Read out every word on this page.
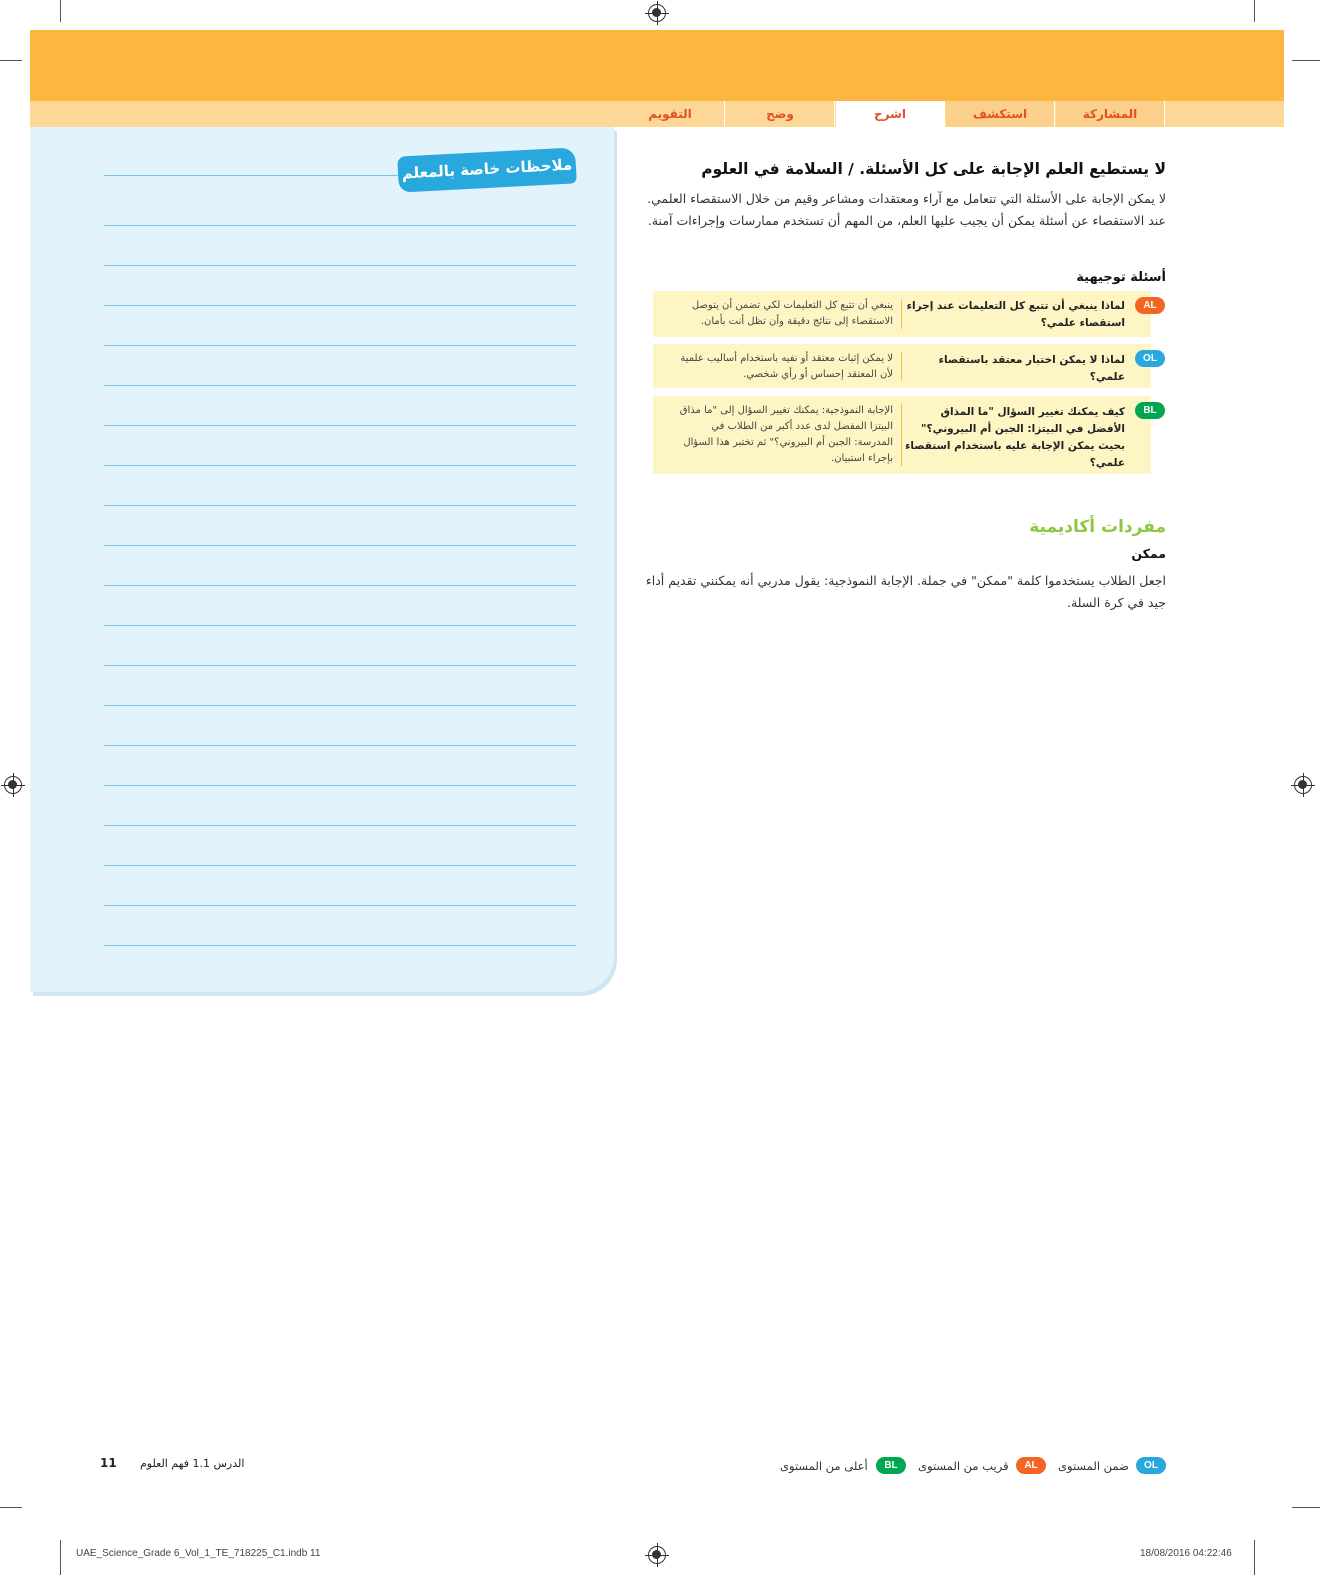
المشاركة
استكشف
اشرح
وضح
التقويم
ملاحظات خاصة بالمعلم	لا يستطيع العلم الإجابة على كل الأسئلة. / السلامة في العلوم
لا يمكن الإجابة على الأسئلة التي تتعامل مع آراء ومعتقدات ومشاعر وقيم من خلال الاستقصاء العلمي. عند الاستقصاء عن أسئلة يمكن أن يجيب عليها العلم، من المهم أن تستخدم ممارسات وإجراءات آمنة.
أسئلة توجيهية
لماذا ينبغي أن تتبع كل التعليمات عند إجراء استقصاء علمي؟
ينبغي أن تتبع كل التعليمات لكي تضمن أن يتوصل الاستقصاء إلى نتائج دقيقة وأن تظل أنت بأمان.
AL
لماذا لا يمكن اختبار معتقد باستقصاء علمي؟
لا يمكن إثبات معتقد أو نفيه باستخدام أساليب علمية لأن المعتقد إحساس أو رأي شخصي.
OL
كيف يمكنك تغيير السؤال "ما المذاق الأفضل في البيتزا: الجبن أم البيروني؟" بحيث يمكن الإجابة عليه باستخدام استقصاء علمي؟
الإجابة النموذجية: يمكنك تغيير السؤال إلى "ما مذاق البيتزا المفضل لدى عدد أكبر من الطلاب في المدرسة: الجبن أم البيروني؟" ثم تختبر هذا السؤال بإجراء استبيان.
BL
مفردات أكاديمية
ممكن
اجعل الطلاب يستخدموا كلمة "ممكن" في جملة. الإجابة النموذجية: يقول مدربي أنه يمكنني تقديم أداء جيد في كرة السلة.
OL
ضمن المستوى
AL
قريب من المستوى
BL
أعلى من المستوى
11 الدرس 1.1 فهم العلوم
UAE_Science_Grade 6_Vol_1_TE_718225_C1.indb 11	18/08/2016 04:22:46
